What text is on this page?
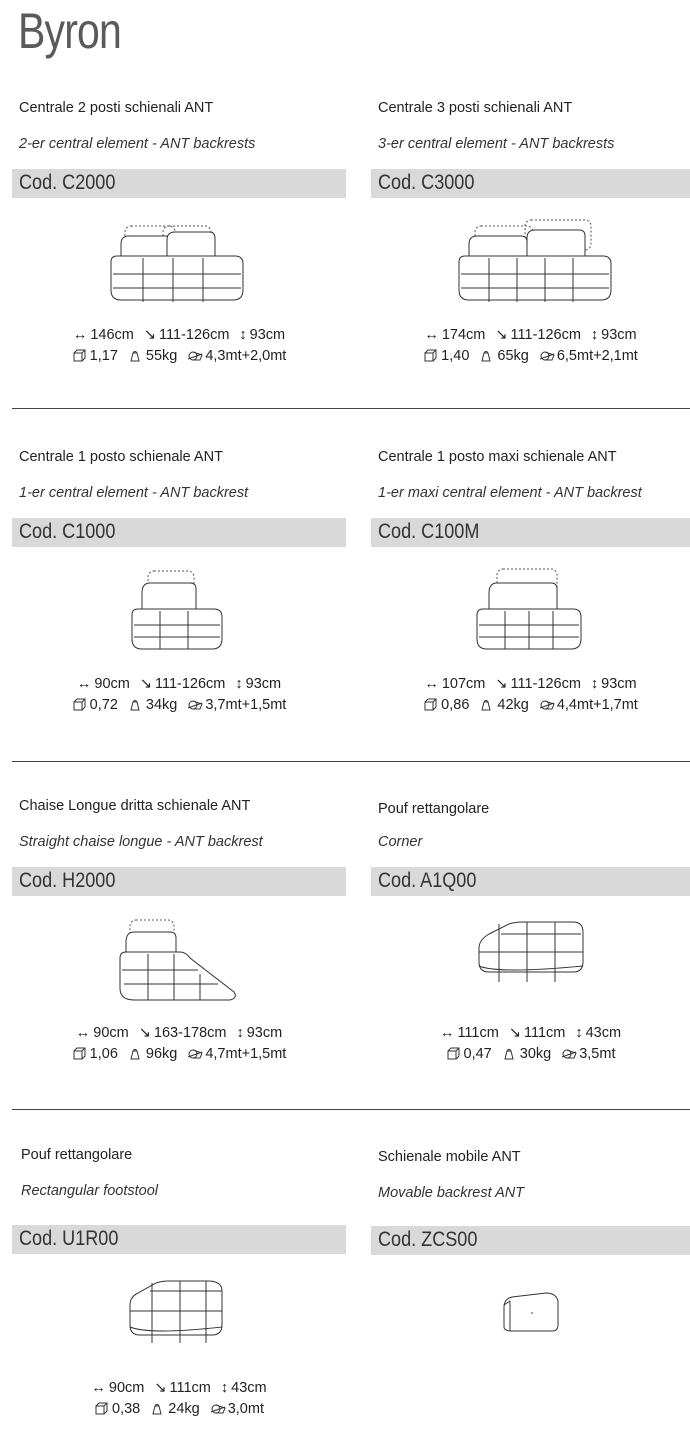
Byron
Centrale 2 posti schienali ANT
2-er central element - ANT backrests
Cod. C2000
↔ 146cm ↘ 111-126cm ↕ 93cm
1,17 55kg 4,3mt+2,0mt
Centrale 3 posti schienali ANT
3-er central element - ANT backrests
Cod. C3000
↔ 174cm ↘ 111-126cm ↕ 93cm
1,40 65kg 6,5mt+2,1mt
Centrale 1 posto schienale ANT
1-er central element - ANT backrest
Cod. C1000
↔ 90cm ↘ 111-126cm ↕ 93cm
0,72 34kg 3,7mt+1,5mt
Centrale 1 posto maxi schienale ANT
1-er maxi central element - ANT backrest
Cod. C100M
↔ 107cm ↘ 111-126cm ↕ 93cm
0,86 42kg 4,4mt+1,7mt
Chaise Longue dritta schienale ANT
Straight chaise longue - ANT backrest
Cod. H2000
↔ 90cm ↘ 163-178cm ↕ 93cm
1,06 96kg 4,7mt+1,5mt
Pouf rettangolare
Corner
Cod. A1Q00
↔ 111cm ↘ 111cm ↕ 43cm
0,47 30kg 3,5mt
Pouf rettangolare
Rectangular footstool
Cod. U1R00
↔ 90cm ↘ 111cm ↕ 43cm
0,38 24kg 3,0mt
Schienale mobile ANT
Movable backrest ANT
Cod. ZCS00
